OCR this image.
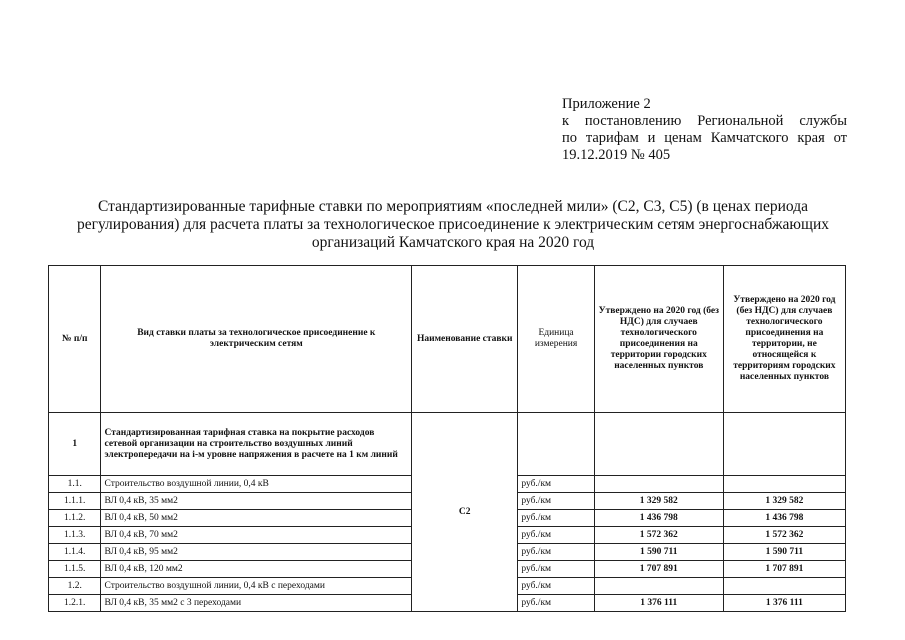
Приложение 2
к постановлению Региональной службы
по тарифам и ценам Камчатского края от
19.12.2019 № 405
Стандартизированные тарифные ставки по мероприятиям «последней мили» (С2, С3, С5) (в ценах периода
регулирования) для расчета платы за технологическое присоединение к электрическим сетям энергоснабжающих
организаций Камчатского края на 2020 год
№ п/п	Вид ставки платы за технологическое присоединение к электрическим сетям	Наименование ставки	Единица измерения	Утверждено на 2020 год (без НДС) для случаев технологического присоединения на территории городских населенных пунктов	Утверждено на 2020 год (без НДС) для случаев технологического присоединения на территории, не относящейся к территориям городских населенных пунктов
1	Стандартизированная тарифная ставка на покрытие расходов сетевой организации на строительство воздушных линий электропередачи на i-м уровне напряжения в расчете на 1 км линий	С2			
1.1.	Строительство воздушной линии, 0,4 кВ		руб./км		
1.1.1.	ВЛ 0,4 кВ, 35 мм2		руб./км	1 329 582	1 329 582
1.1.2.	ВЛ 0,4 кВ, 50 мм2		руб./км	1 436 798	1 436 798
1.1.3.	ВЛ 0,4 кВ, 70 мм2		руб./км	1 572 362	1 572 362
1.1.4.	ВЛ 0,4 кВ, 95 мм2		руб./км	1 590 711	1 590 711
1.1.5.	ВЛ 0,4 кВ, 120 мм2		руб./км	1 707 891	1 707 891
1.2.	Строительство воздушной линии, 0,4 кВ с переходами		руб./км		
1.2.1.	ВЛ 0,4 кВ, 35 мм2 с 3 переходами		руб./км	1 376 111	1 376 111
